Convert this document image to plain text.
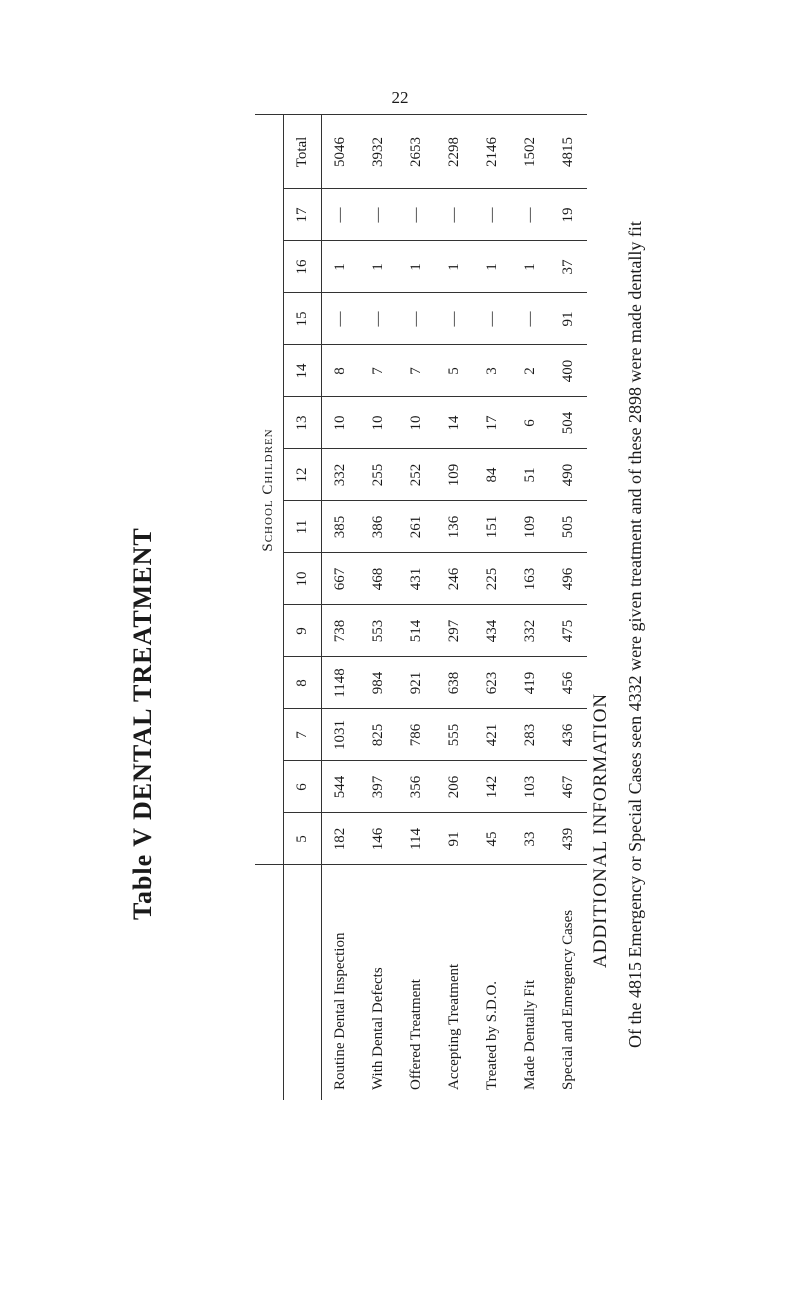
22
Table V DENTAL TREATMENT
	School Children													
	5	6	7	8	9	10	11	12	13	14	15	16	17	Total
Routine Dental Inspection	182	544	1031	1148	738	667	385	332	10	8	—	1	—	5046
With Dental Defects	146	397	825	984	553	468	386	255	10	7	—	1	—	3932
Offered Treatment	114	356	786	921	514	431	261	252	10	7	—	1	—	2653
Accepting Treatment	91	206	555	638	297	246	136	109	14	5	—	1	—	2298
Treated by S.D.O.	45	142	421	623	434	225	151	84	17	3	—	1	—	2146
Made Dentally Fit	33	103	283	419	332	163	109	51	6	2	—	1	—	1502
Special and Emergency Cases	439	467	436	456	475	496	505	490	504	400	91	37	19	4815
ADDITIONAL INFORMATION Of the 4815 Emergency or Special Cases seen 4332 were given treatment and of these 2898 were made dentally fit
